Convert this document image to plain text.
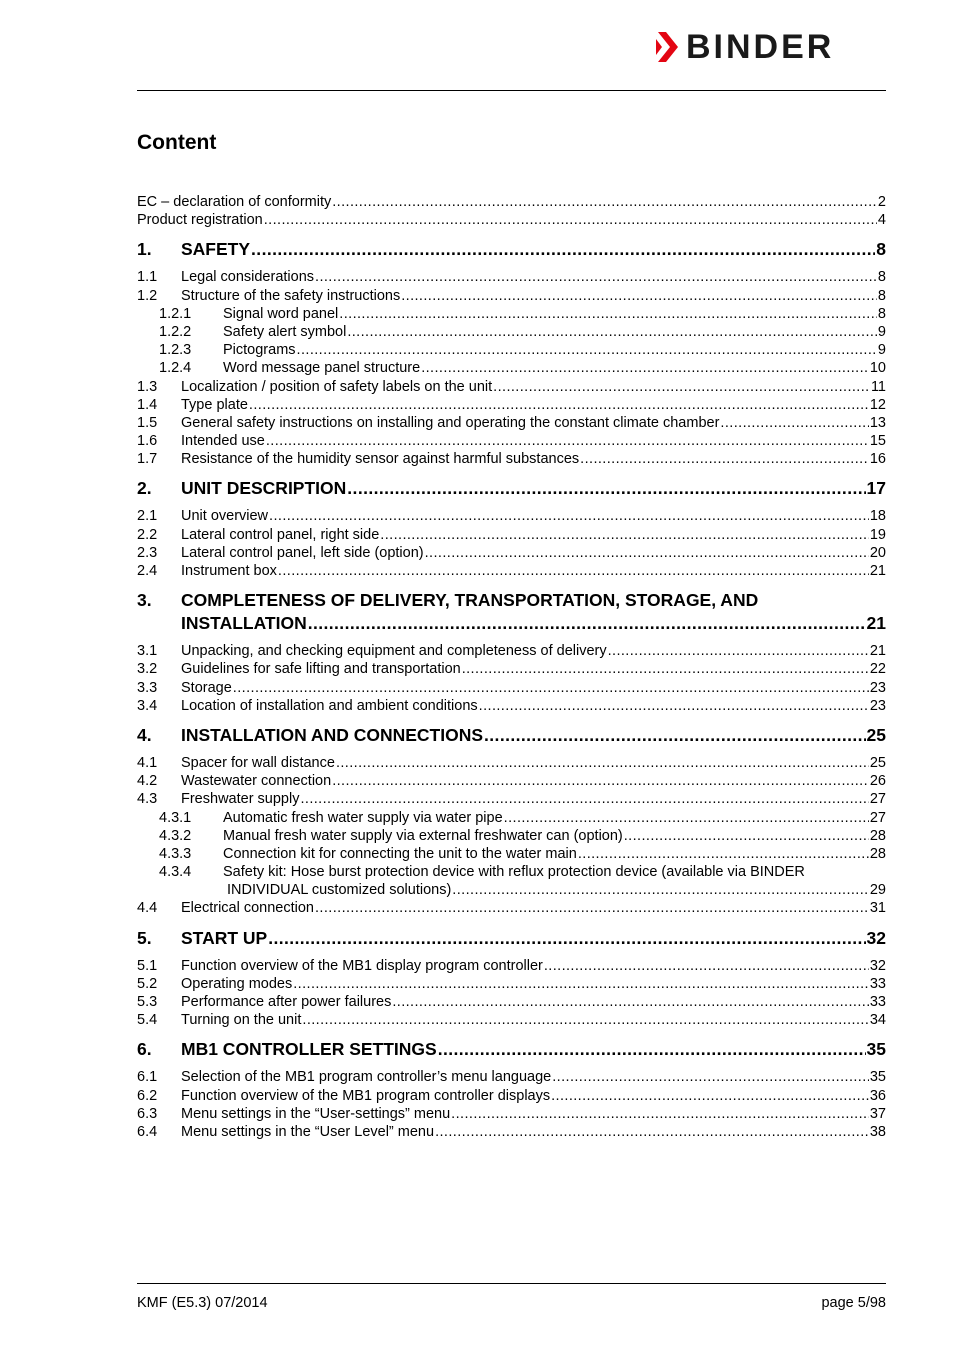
BINDER
Content
EC – declaration of conformity .....	2
Product registration .....	4
1.	SAFETY .....	8
1.1	Legal considerations .....	8
1.2	Structure of the safety instructions .....	8
1.2.1	Signal word panel .....	8
1.2.2	Safety alert symbol .....	9
1.2.3	Pictograms .....	9
1.2.4	Word message panel structure .....	10
1.3	Localization / position of safety labels on the unit .....	11
1.4	Type plate .....	12
1.5	General safety instructions on installing and operating the constant climate chamber .....	13
1.6	Intended use .....	15
1.7	Resistance of the humidity sensor against harmful substances .....	16
2.	UNIT DESCRIPTION .....	17
2.1	Unit overview .....	18
2.2	Lateral control panel, right side .....	19
2.3	Lateral control panel, left side (option) .....	20
2.4	Instrument box .....	21
3.	COMPLETENESS OF DELIVERY, TRANSPORTATION, STORAGE, AND
INSTALLATION .....	21
3.1	Unpacking, and checking equipment and completeness of delivery .....	21
3.2	Guidelines for safe lifting and transportation .....	22
3.3	Storage .....	23
3.4	Location of installation and ambient conditions .....	23
4.	INSTALLATION AND CONNECTIONS .....	25
4.1	Spacer for wall distance .....	25
4.2	Wastewater connection .....	26
4.3	Freshwater supply .....	27
4.3.1	Automatic fresh water supply via water pipe .....	27
4.3.2	Manual fresh water supply via external freshwater can (option) .....	28
4.3.3	Connection kit for connecting the unit to the water main .....	28
4.3.4	Safety kit: Hose burst protection device with reflux protection device (available via BINDER
INDIVIDUAL customized solutions) .....	29
4.4	Electrical connection .....	31
5.	START UP .....	32
5.1	Function overview of the MB1 display program controller .....	32
5.2	Operating modes .....	33
5.3	Performance after power failures .....	33
5.4	Turning on the unit .....	34
6.	MB1 CONTROLLER SETTINGS .....	35
6.1	Selection of the MB1 program controller’s menu language .....	35
6.2	Function overview of the MB1 program controller displays .....	36
6.3	Menu settings in the “User-settings” menu .....	37
6.4	Menu settings in the “User Level” menu .....	38
KMF (E5.3) 07/2014	page 5/98
